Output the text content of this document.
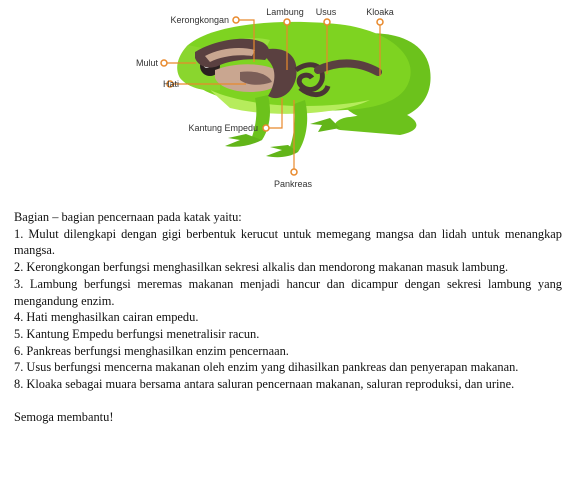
Kerongkongan
Lambung Usus	Kloaka
Mulut
Hati
Kantung Empedu
Pankreas

Bagian – bagian pencernaan pada katak yaitu:

1. Mulut dilengkapi dengan gigi berbentuk kerucut untuk memegang mangsa dan lidah untuk menangkap mangsa.

2. Kerongkongan berfungsi menghasilkan sekresi alkalis dan mendorong makanan masuk lambung.

3. Lambung berfungsi meremas makanan menjadi hancur dan dicampur dengan sekresi lambung yang mengandung enzim.

4. Hati menghasilkan cairan empedu.

5. Kantung Empedu berfungsi menetralisir racun.

6. Pankreas berfungsi menghasilkan enzim pencernaan.

7. Usus berfungsi mencerna makanan oleh enzim yang dihasilkan pankreas dan penyerapan makanan.

8. Kloaka sebagai muara bersama antara saluran pencernaan makanan, saluran reproduksi, dan urine.

Semoga membantu!
